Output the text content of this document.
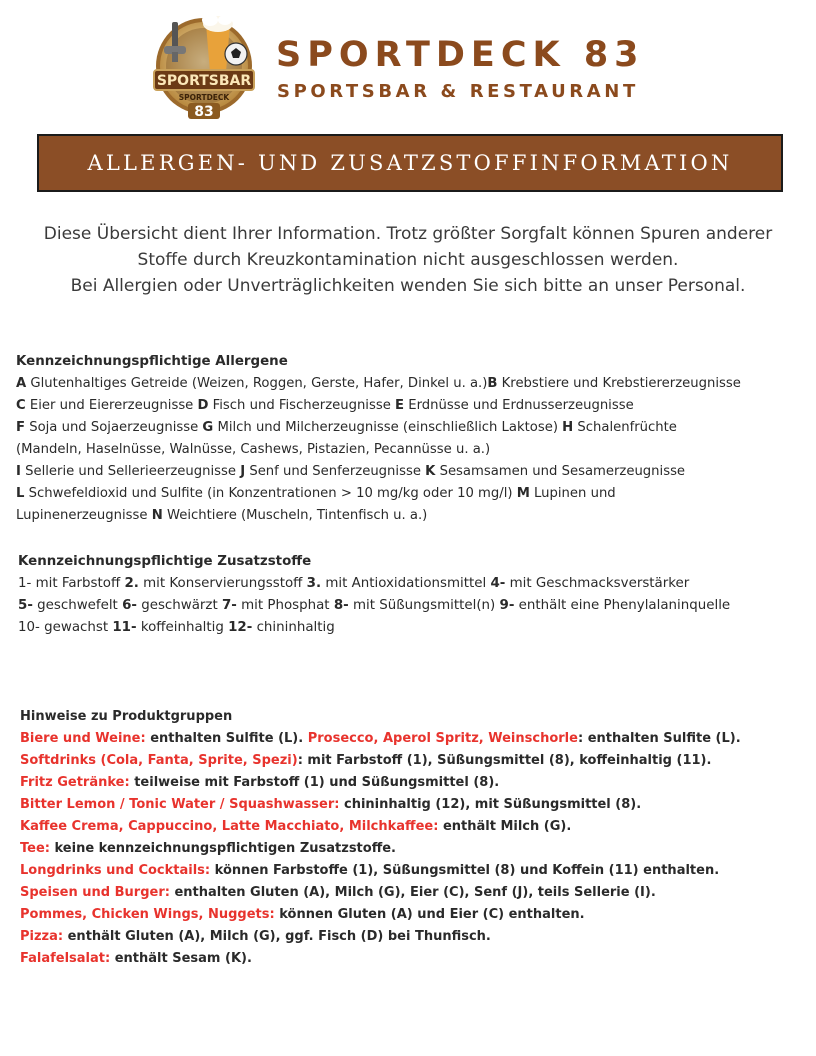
SPORTSBAR
SPORTDECK
83
SPORTDECK 83

SPORTSBAR & RESTAURANT

ALLERGEN- UND ZUSATZSTOFFINFORMATION

Diese Übersicht dient Ihrer Information. Trotz größter Sorgfalt können Spuren anderer

Stoffe durch Kreuzkontamination nicht ausgeschlossen werden.

Bei Allergien oder Unverträglichkeiten wenden Sie sich bitte an unser Personal.

Kennzeichnungspflichtige Allergene

A Glutenhaltiges Getreide (Weizen, Roggen, Gerste, Hafer, Dinkel u. a.)B Krebstiere und Krebstiererzeugnisse

C Eier und Eiererzeugnisse D Fisch und Fischerzeugnisse E Erdnüsse und Erdnusserzeugnisse

F Soja und Sojaerzeugnisse G Milch und Milcherzeugnisse (einschließlich Laktose) H Schalenfrüchte

(Mandeln, Haselnüsse, Walnüsse, Cashews, Pistazien, Pecannüsse u. a.)

I Sellerie und Sellerieerzeugnisse J Senf und Senferzeugnisse K Sesamsamen und Sesamerzeugnisse

L Schwefeldioxid und Sulfite (in Konzentrationen > 10 mg/kg oder 10 mg/l) M Lupinen und

Lupinenerzeugnisse N Weichtiere (Muscheln, Tintenfisch u. a.)

Kennzeichnungspflichtige Zusatzstoffe

1- mit Farbstoff 2. mit Konservierungsstoff 3. mit Antioxidationsmittel 4- mit Geschmacksverstärker

5- geschwefelt 6- geschwärzt 7- mit Phosphat 8- mit Süßungsmittel(n) 9- enthält eine Phenylalaninquelle

10- gewachst 11- koffeinhaltig 12- chininhaltig

Hinweise zu Produktgruppen

Biere und Weine: enthalten Sulfite (L). Prosecco, Aperol Spritz, Weinschorle: enthalten Sulfite (L).

Softdrinks (Cola, Fanta, Sprite, Spezi): mit Farbstoff (1), Süßungsmittel (8), koffeinhaltig (11).

Fritz Getränke: teilweise mit Farbstoff (1) und Süßungsmittel (8).

Bitter Lemon / Tonic Water / Squashwasser: chininhaltig (12), mit Süßungsmittel (8).

Kaffee Crema, Cappuccino, Latte Macchiato, Milchkaffee: enthält Milch (G).

Tee: keine kennzeichnungspflichtigen Zusatzstoffe.

Longdrinks und Cocktails: können Farbstoffe (1), Süßungsmittel (8) und Koffein (11) enthalten.

Speisen und Burger: enthalten Gluten (A), Milch (G), Eier (C), Senf (J), teils Sellerie (I).

Pommes, Chicken Wings, Nuggets: können Gluten (A) und Eier (C) enthalten.

Pizza: enthält Gluten (A), Milch (G), ggf. Fisch (D) bei Thunfisch.

Falafelsalat: enthält Sesam (K).
